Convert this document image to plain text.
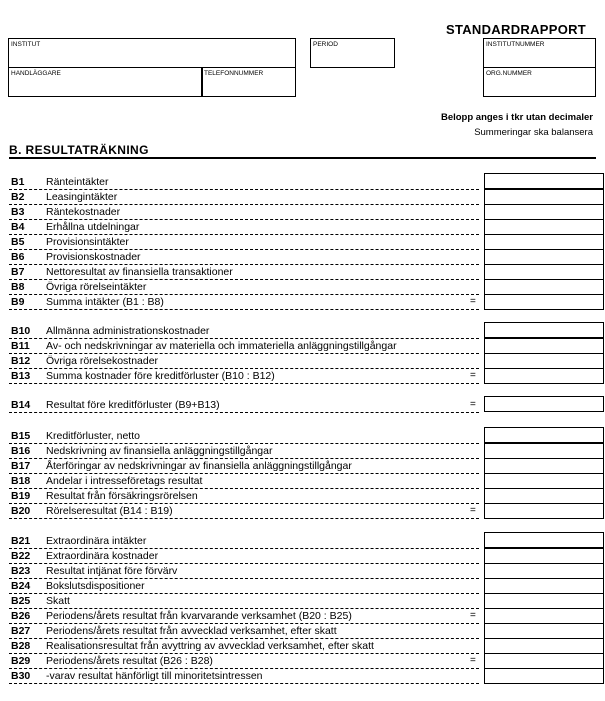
STANDARDRAPPORT
INSTITUT
HANDLÄGGARE	TELEFONNUMMER
PERIOD	INSTITUTNUMMER
ORG.NUMMER
Belopp anges i tkr utan decimaler
Summeringar ska balansera
B. RESULTATRÄKNING
B1 Ränteintäkter
B2 Leasingintäkter
B3 Räntekostnader
B4 Erhållna utdelningar
B5 Provisionsintäkter
B6 Provisionskostnader
B7 Nettoresultat av finansiella transaktioner
B8 Övriga rörelseintäkter
B9 Summa intäkter (B1 : B8)	=
B10 Allmänna administrationskostnader
B11 Av- och nedskrivningar av materiella och immateriella anläggningstillgångar
B12 Övriga rörelsekostnader
B13 Summa kostnader före kreditförluster (B10 : B12)	=
B14 Resultat före kreditförluster (B9+B13)	=
B15 Kreditförluster, netto
B16 Nedskrivning av finansiella anläggningstillgångar
B17 Återföringar av nedskrivningar av finansiella anläggningstillgångar
B18 Andelar i intresseföretags resultat
B19 Resultat från försäkringsrörelsen
B20 Rörelseresultat (B14 : B19)	=
B21 Extraordinära intäkter
B22 Extraordinära kostnader
B23 Resultat intjänat före förvärv
B24 Bokslutsdispositioner
B25 Skatt
B26 Periodens/årets resultat från kvarvarande verksamhet (B20 : B25)	=
B27 Periodens/årets resultat från avvecklad verksamhet, efter skatt
B28 Realisationsresultat från avyttring av avvecklad verksamhet, efter skatt
B29 Periodens/årets resultat (B26 : B28)	=
B30 -varav resultat hänförligt till minoritetsintressen
